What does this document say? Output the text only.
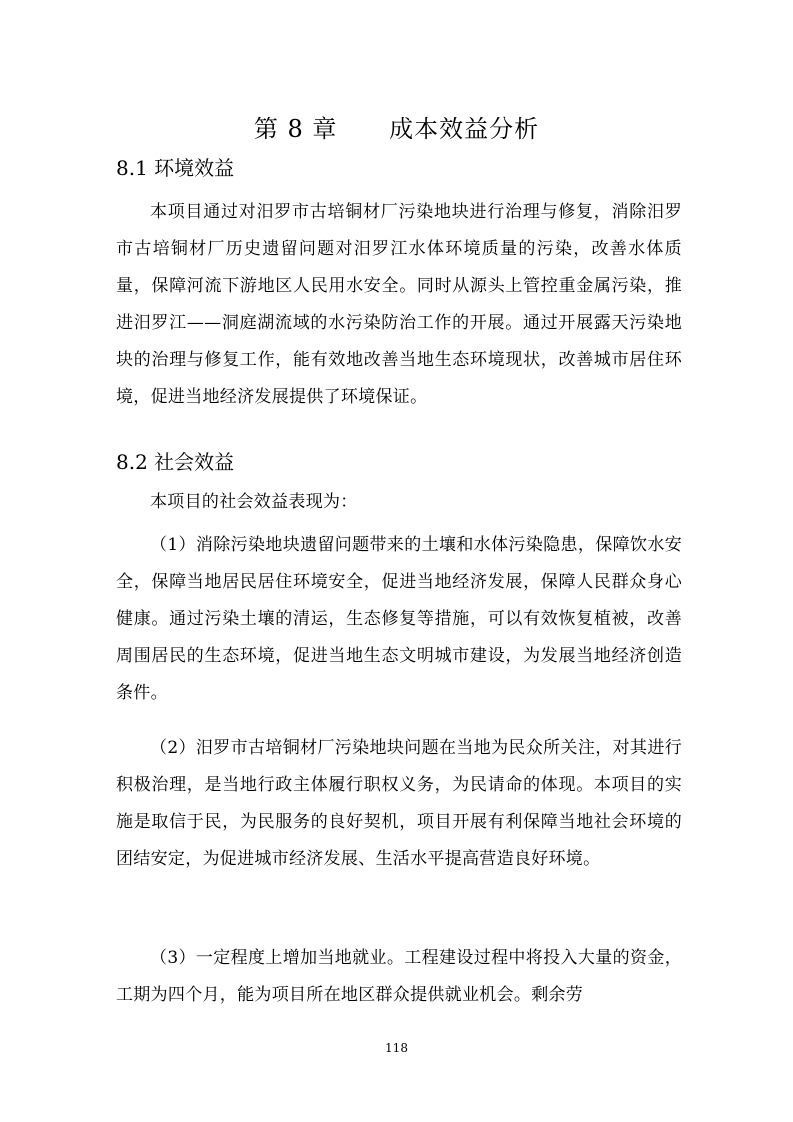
第 8 章      成本效益分析
8.1 环境效益

本项目通过对汨罗市古培铜材厂污染地块进行治理与修复，消除汨罗市古培铜材厂历史遗留问题对汨罗江水体环境质量的污染，改善水体质量，保障河流下游地区人民用水安全。同时从源头上管控重金属污染，推进汨罗江——洞庭湖流域的水污染防治工作的开展。通过开展露天污染地块的治理与修复工作，能有效地改善当地生态环境现状，改善城市居住环境，促进当地经济发展提供了环境保证。

8.2 社会效益

本项目的社会效益表现为：

（1）消除污染地块遗留问题带来的土壤和水体污染隐患，保障饮水安全，保障当地居民居住环境安全，促进当地经济发展，保障人民群众身心健康。通过污染土壤的清运，生态修复等措施，可以有效恢复植被，改善周围居民的生态环境，促进当地生态文明城市建设，为发展当地经济创造条件。

（2）汨罗市古培铜材厂污染地块问题在当地为民众所关注，对其进行积极治理，是当地行政主体履行职权义务，为民请命的体现。本项目的实施是取信于民，为民服务的良好契机，项目开展有利保障当地社会环境的团结安定，为促进城市经济发展、生活水平提高营造良好环境。

（3）一定程度上增加当地就业。工程建设过程中将投入大量的资金，工期为四个月，能为项目所在地区群众提供就业机会。剩余劳

118
